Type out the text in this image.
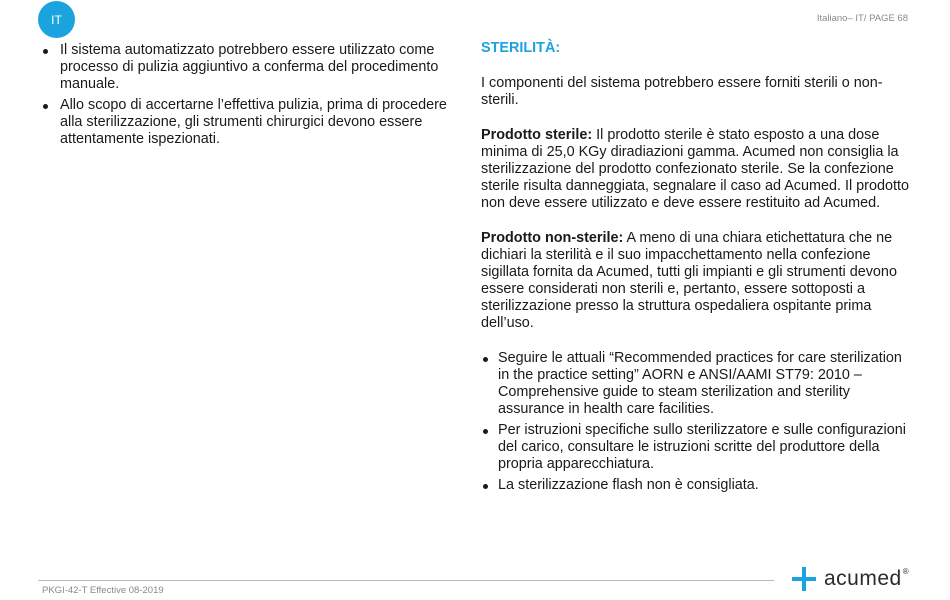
IT	Italiano– IT/ PAGE 68
Il sistema automatizzato potrebbero essere utilizzato come processo di pulizia aggiuntivo a conferma del procedimento manuale.
Allo scopo di accertarne l’effettiva pulizia, prima di procedere alla sterilizzazione, gli strumenti chirurgici devono essere attentamente ispezionati.
STERILITÀ:

I componenti del sistema potrebbero essere forniti sterili o non-sterili.

Prodotto sterile: Il prodotto sterile è stato esposto a una dose minima di 25,0 KGy diradiazioni gamma. Acumed non consiglia la sterilizzazione del prodotto confezionato sterile. Se la confezione sterile risulta danneggiata, segnalare il caso ad Acumed. Il prodotto non deve essere utilizzato e deve essere restituito ad Acumed.

Prodotto non-sterile: A meno di una chiara etichettatura che ne dichiari la sterilità e il suo impacchettamento nella confezione sigillata fornita da Acumed, tutti gli impianti e gli strumenti devono essere considerati non sterili e, pertanto, essere sottoposti a sterilizzazione presso la struttura ospedaliera ospitante prima dell’uso.

Seguire le attuali “Recommended practices for care sterilization in the practice setting” AORN e ANSI/AAMI ST79: 2010 – Comprehensive guide to steam sterilization and sterility assurance in health care facilities.
Per istruzioni specifiche sullo sterilizzatore e sulle configurazioni del carico, consultare le istruzioni scritte del produttore della propria apparecchiatura.
La sterilizzazione flash non è consigliata.
PKGI-42-T Effective 08-2019
acumed®
